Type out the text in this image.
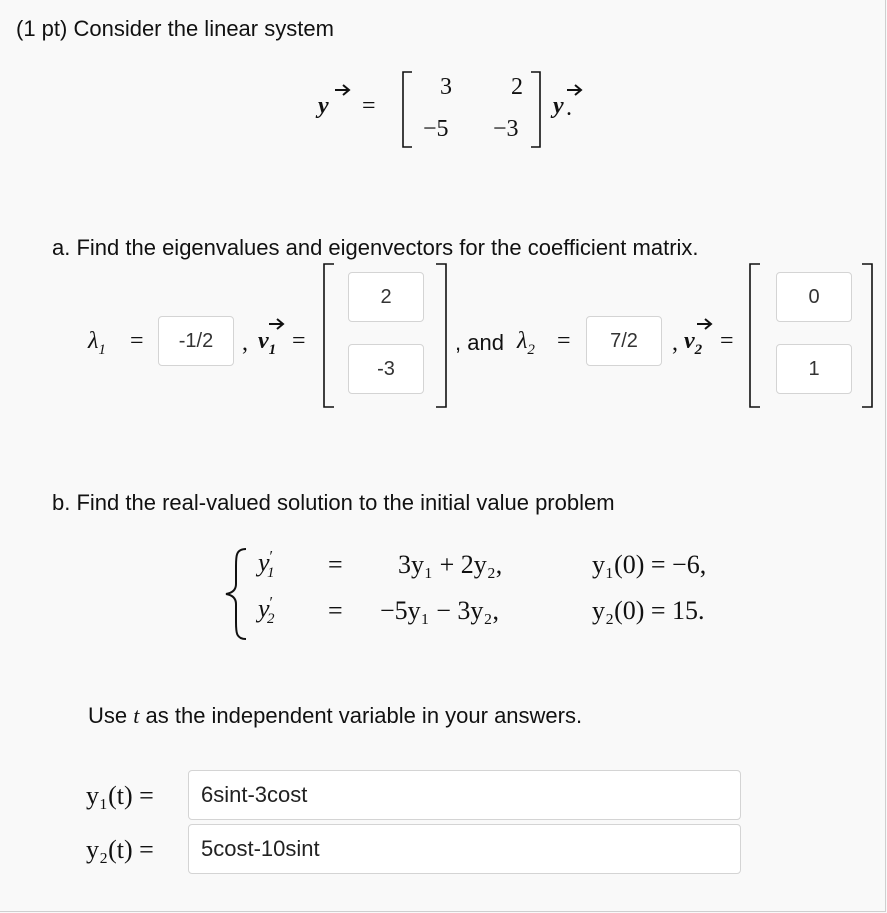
(1 pt) Consider the linear system
y =
3 2
−5 −3
y .
a. Find the eigenvalues and eigenvectors for the coefficient matrix.
$\lambda_1$ =	-1/2	, $v_1$ =
2
-3
, and $\lambda_2$ =	7/2	, $v_2$ =
0
1
b. Find the real-valued solution to the initial value problem
$y'_1 = 3y_1 + 2y_2$,	y₁(0) = −6,
$y'_2 = -5y_1 - 3y_2$,	y₂(0) = 15.
Use t as the independent variable in your answers.
y₁(t) =	6sint-3cost
y₂(t) =	5cost-10sint
